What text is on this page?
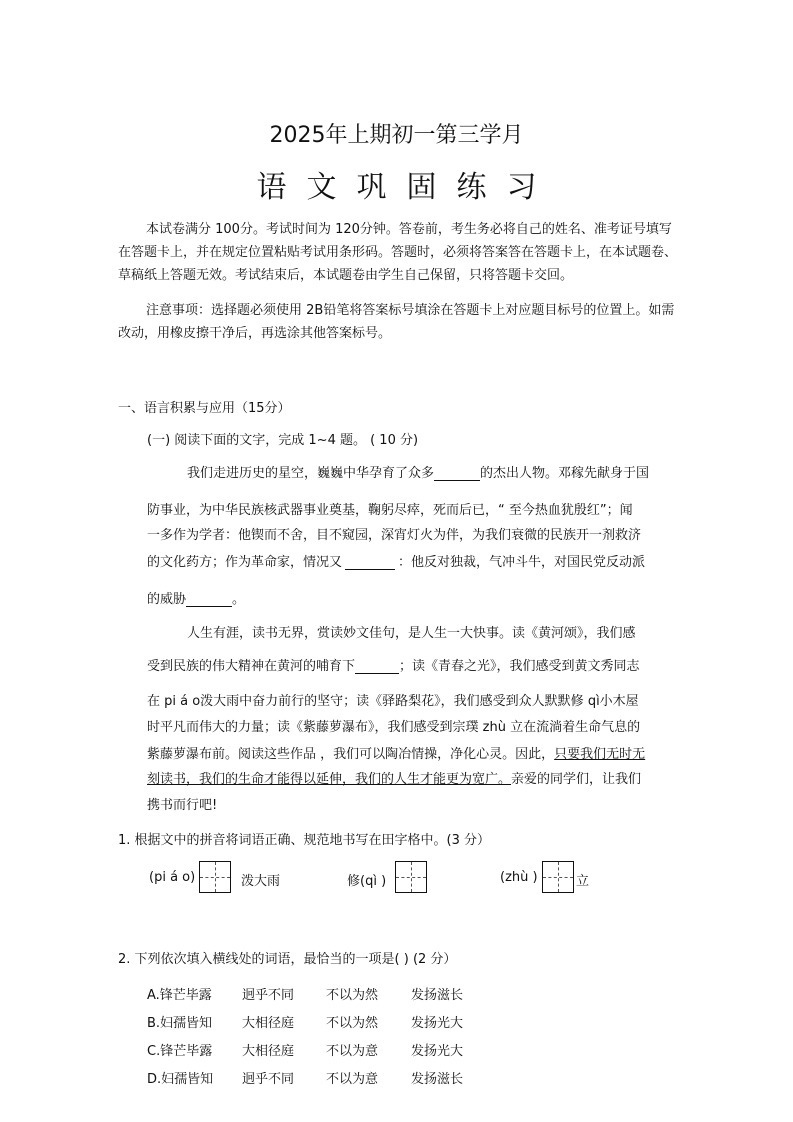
2025年上期初一第三学月
语文巩固练习
本试卷满分 100分。考试时间为 120分钟。答卷前，考生务必将自己的姓名、准考证号填写在答题卡上，并在规定位置粘贴考试用条形码。答题时，必须将答案答在答题卡上，在本试题卷、草稿纸上答题无效。考试结束后，本试题卷由学生自己保留，只将答题卡交回。
注意事项：选择题必须使用 2B铅笔将答案标号填涂在答题卡上对应题目标号的位置上。如需改动，用橡皮擦干净后，再选涂其他答案标号。
一、语言积累与应用（15分）
(一) 阅读下面的文字，完成 1~4 题。 ( 10 分)
我们走进历史的星空，巍巍中华孕育了众多	的杰出人物。邓稼先献身于国
防事业，为中华民族核武器事业奠基，鞠躬尽瘁，死而后已，“ 至今热血犹殷红”；闻
一多作为学者：他锲而不舍，目不窥园，深宵灯火为伴，为我们衰微的民族开一剂救济
的文化药方；作为革命家，情况又	：他反对独裁，气冲斗牛，对国民党反动派
的威胁	。
人生有涯，读书无界，赏读妙文佳句，是人生一大快事。读《黄河颂》，我们感
受到民族的伟大精神在黄河的哺育下	；读《青春之光》，我们感受到黄文秀同志
在 pi á o泼大雨中奋力前行的坚守；读《驿路梨花》，我们感受到众人默默修 qì小木屋
时平凡而伟大的力量；读《紫藤萝瀑布》，我们感受到宗璞 zhù 立在流淌着生命气息的
紫藤萝瀑布前。阅读这些作品 ，我们可以陶冶情操，净化心灵。因此，只要我们无时无
刻读书，我们的生命才能得以延伸，我们的人生才能更为宽广。亲爱的同学们，让我们
携书而行吧!
1. 根据文中的拼音将词语正确、规范地书写在田字格中。(3 分）
(pi á o)	泼大雨	修(qì )	(zhù )	立
2. 下列依次填入横线处的词语，最恰当的一项是( ) (2 分）
A.锋芒毕露 迥乎不同 不以为然	发扬滋长
B.妇孺皆知 大相径庭 不以为然	发扬光大
C.锋芒毕露 大相径庭 不以为意	发扬光大
D.妇孺皆知 迥乎不同 不以为意	发扬滋长
